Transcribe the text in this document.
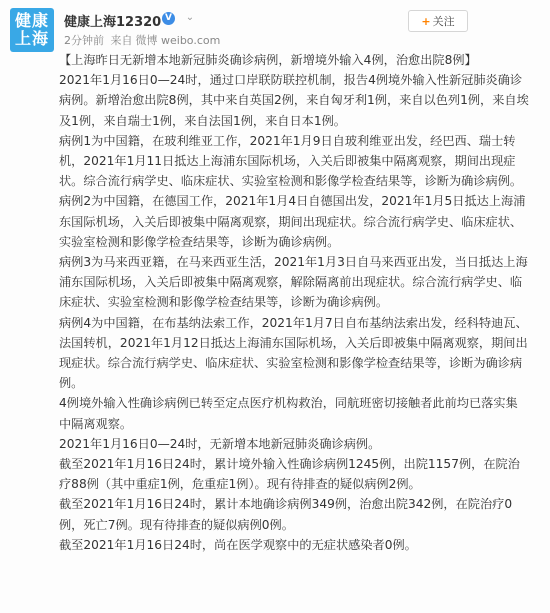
健康
上海
健康上海12320 V	⌄
2分钟前 来自 微博 weibo.com
+ 关注

【上海昨日无新增本地新冠肺炎确诊病例，新增境外输入4例，治愈出院8例】

2021年1月16日0—24时，通过口岸联防联控机制，报告4例境外输入性新冠肺炎确诊病例。新增治愈出院8例，其中来自英国2例，来自匈牙利1例，来自以色列1例，来自埃及1例，来自瑞士1例，来自法国1例，来自日本1例。

病例1为中国籍，在玻利维亚工作，2021年1月9日自玻利维亚出发，经巴西、瑞士转机，2021年1月11日抵达上海浦东国际机场，入关后即被集中隔离观察，期间出现症状。综合流行病学史、临床症状、实验室检测和影像学检查结果等，诊断为确诊病例。

病例2为中国籍，在德国工作，2021年1月4日自德国出发，2021年1月5日抵达上海浦东国际机场，入关后即被集中隔离观察，期间出现症状。综合流行病学史、临床症状、实验室检测和影像学检查结果等，诊断为确诊病例。

病例3为马来西亚籍，在马来西亚生活，2021年1月3日自马来西亚出发，当日抵达上海浦东国际机场，入关后即被集中隔离观察，解除隔离前出现症状。综合流行病学史、临床症状、实验室检测和影像学检查结果等，诊断为确诊病例。

病例4为中国籍，在布基纳法索工作，2021年1月7日自布基纳法索出发，经科特迪瓦、法国转机，2021年1月12日抵达上海浦东国际机场，入关后即被集中隔离观察，期间出现症状。综合流行病学史、临床症状、实验室检测和影像学检查结果等，诊断为确诊病例。

4例境外输入性确诊病例已转至定点医疗机构救治，同航班密切接触者此前均已落实集中隔离观察。

2021年1月16日0—24时，无新增本地新冠肺炎确诊病例。

截至2021年1月16日24时，累计境外输入性确诊病例1245例，出院1157例，在院治疗88例（其中重症1例，危重症1例）。现有待排查的疑似病例2例。

截至2021年1月16日24时，累计本地确诊病例349例，治愈出院342例，在院治疗0例，死亡7例。现有待排查的疑似病例0例。

截至2021年1月16日24时，尚在医学观察中的无症状感染者0例。
